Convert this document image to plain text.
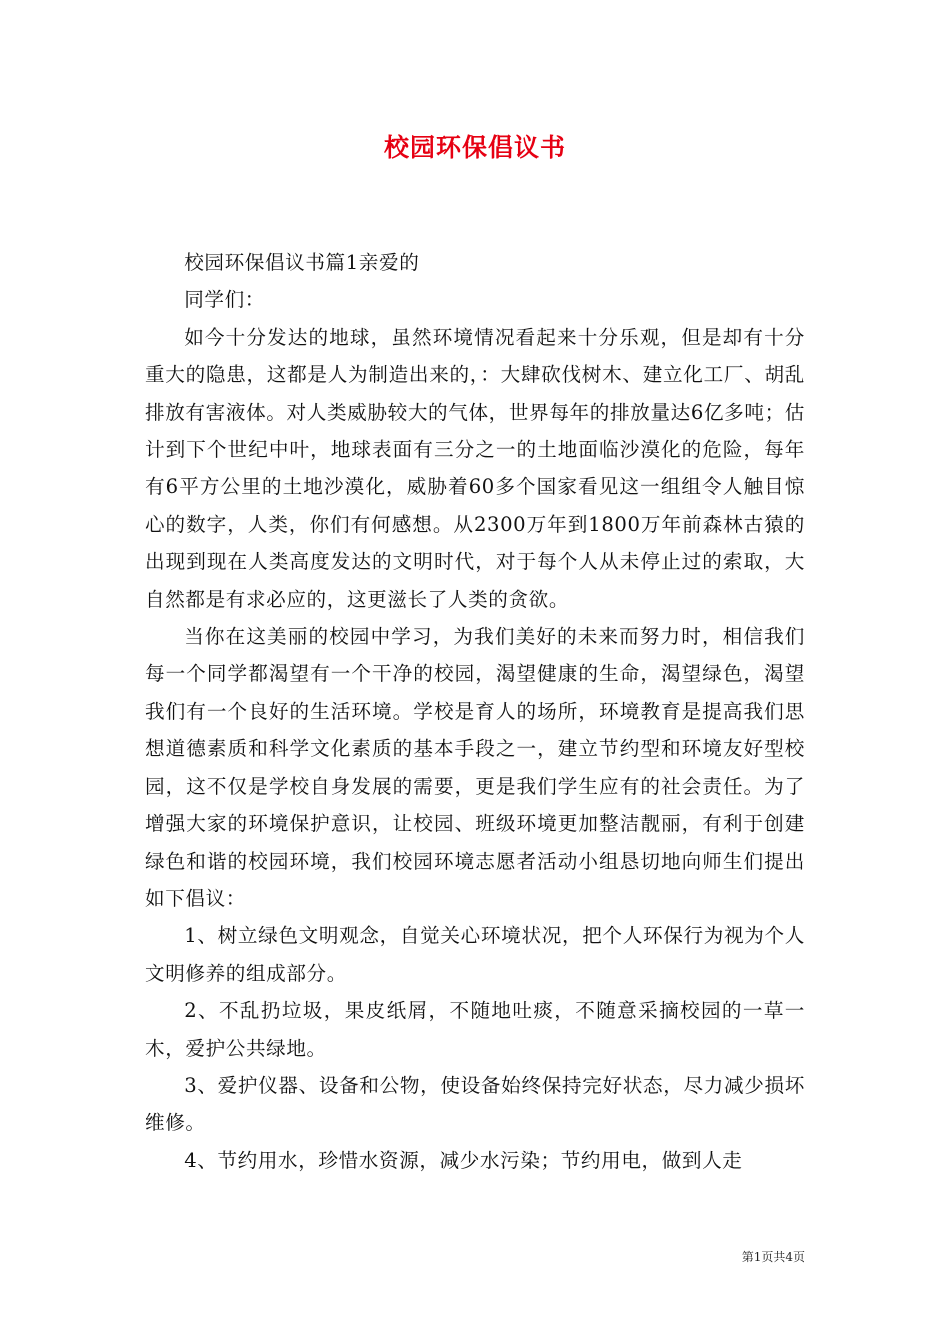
校园环保倡议书

校园环保倡议书篇1亲爱的

同学们：

如今十分发达的地球，虽然环境情况看起来十分乐观，但是却有十分重大的隐患，这都是人为制造出来的，：大肆砍伐树木、建立化工厂、胡乱排放有害液体。对人类威胁较大的气体，世界每年的排放量达6亿多吨；估计到下个世纪中叶，地球表面有三分之一的土地面临沙漠化的危险，每年有6平方公里的土地沙漠化，威胁着60多个国家看见这一组组令人触目惊心的数字，人类，你们有何感想。从2300万年到1800万年前森林古猿的出现到现在人类高度发达的文明时代，对于每个人从未停止过的索取，大自然都是有求必应的，这更滋长了人类的贪欲。

当你在这美丽的校园中学习，为我们美好的未来而努力时，相信我们每一个同学都渴望有一个干净的校园，渴望健康的生命，渴望绿色，渴望我们有一个良好的生活环境。学校是育人的场所，环境教育是提高我们思想道德素质和科学文化素质的基本手段之一，建立节约型和环境友好型校园，这不仅是学校自身发展的需要，更是我们学生应有的社会责任。为了增强大家的环境保护意识，让校园、班级环境更加整洁靓丽，有利于创建绿色和谐的校园环境，我们校园环境志愿者活动小组恳切地向师生们提出如下倡议：

1、树立绿色文明观念，自觉关心环境状况，把个人环保行为视为个人文明修养的组成部分。

2、不乱扔垃圾，果皮纸屑，不随地吐痰，不随意采摘校园的一草一木，爱护公共绿地。

3、爱护仪器、设备和公物，使设备始终保持完好状态，尽力减少损坏维修。

4、节约用水，珍惜水资源，减少水污染；节约用电，做到人走

第1页共4页
